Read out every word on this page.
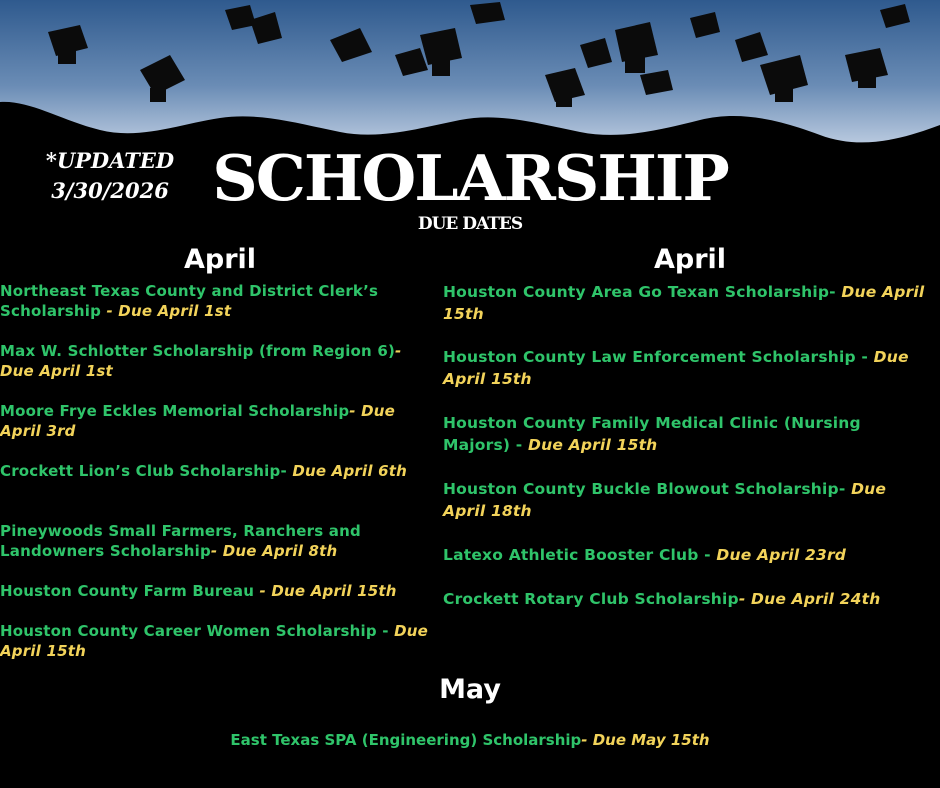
*UPDATED
3/30/2026 SCHOLARSHIP
DUE DATES
April	April
Northeast Texas County and District Clerk’s Scholarship - Due April 1st
Max W. Schlotter Scholarship (from Region 6)- Due April 1st
Moore Frye Eckles Memorial Scholarship- Due April 3rd
Crockett Lion’s Club Scholarship- Due April 6th
Pineywoods Small Farmers, Ranchers and Landowners Scholarship- Due April 8th
Houston County Farm Bureau - Due April 15th
Houston County Career Women Scholarship - Due April 15th
Houston County Area Go Texan Scholarship- Due April 15th
Houston County Law Enforcement Scholarship - Due April 15th
Houston County Family Medical Clinic (Nursing Majors) - Due April 15th
Houston County Buckle Blowout Scholarship- Due April 18th
Latexo Athletic Booster Club - Due April 23rd
Crockett Rotary Club Scholarship- Due April 24th
May
East Texas SPA (Engineering) Scholarship- Due May 15th
